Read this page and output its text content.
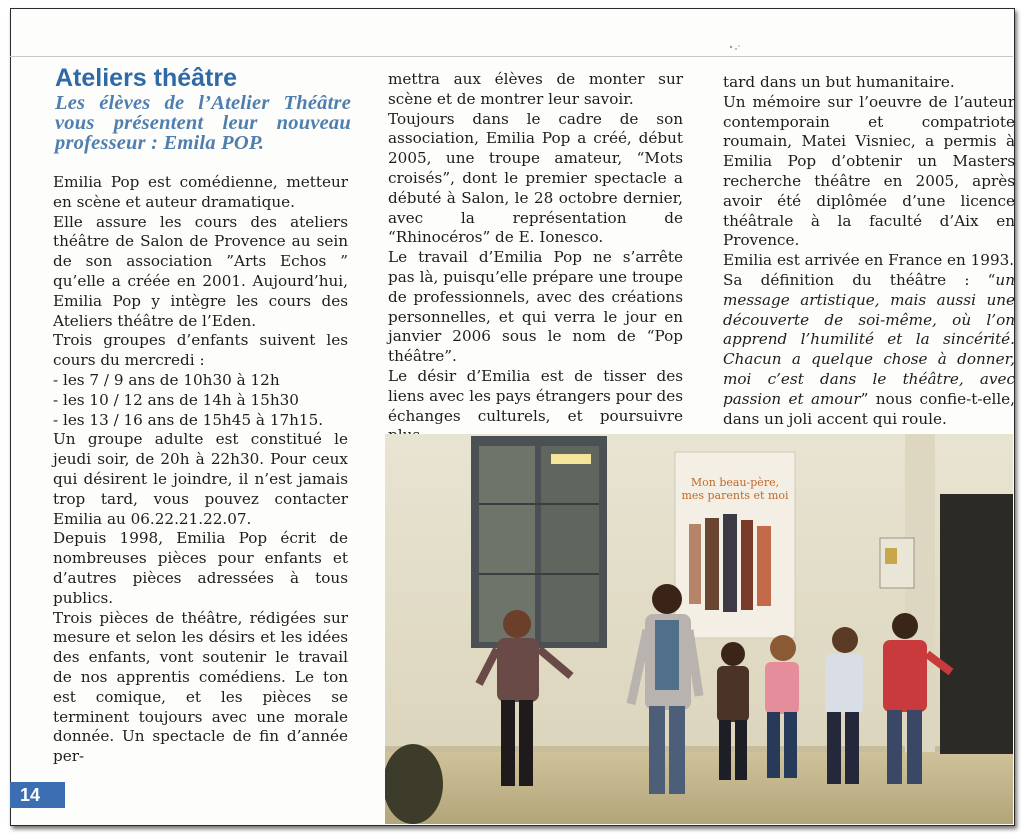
Ateliers théâtre
Les élèves de l’Atelier Théâtre vous présentent leur nouveau professeur : Emila POP.

Emilia Pop est comédienne, metteur en scène et auteur dramatique.

Elle assure les cours des ateliers théâtre de Salon de Provence au sein de son association ”Arts Echos ” qu’elle a créée en 2001. Aujourd’hui, Emilia Pop y intègre les cours des Ateliers théâtre de l’Eden.

Trois groupes d’enfants suivent les cours du mercredi :

- les 7 / 9 ans de 10h30 à 12h
- les 10 / 12 ans de 14h à 15h30
- les 13 / 16 ans de 15h45 à 17h15.

Un groupe adulte est constitué le jeudi soir, de 20h à 22h30. Pour ceux qui désirent le joindre, il n’est jamais trop tard, vous pouvez contacter Emilia au 06.22.21.22.07.

Depuis 1998, Emilia Pop écrit de nombreuses pièces pour enfants et d’autres pièces adressées à tous publics.

Trois pièces de théâtre, rédigées sur mesure et selon les désirs et les idées des enfants, vont soutenir le travail de nos apprentis comédiens. Le ton est comique, et les pièces se terminent toujours avec une morale donnée. Un spectacle de fin d’année per-

mettra aux élèves de monter sur scène et de montrer leur savoir.

Toujours dans le cadre de son association, Emilia Pop a créé, début 2005, une troupe amateur, “Mots croisés”, dont le premier spectacle a débuté à Salon, le 28 octobre dernier, avec la représentation de “Rhinocéros” de E. Ionesco.

Le travail d’Emilia Pop ne s’arrête pas là, puisqu’elle prépare une troupe de professionnels, avec des créations personnelles, et qui verra le jour en janvier 2006 sous le nom de “Pop théâtre”.

Le désir d’Emilia est de tisser des liens avec les pays étrangers pour des échanges culturels, et poursuivre

tard dans un but humanitaire.

Un mémoire sur l’oeuvre de l’auteur contemporain et compatriote roumain, Matei Visniec, a permis à Emilia Pop d’obtenir un Masters recherche théâtre en 2005, après avoir été diplômée d’une licence théâtrale à la faculté d’Aix en Provence.

Emilia est arrivée en France en 1993.

Sa définition du théâtre : “un message artistique, mais aussi une découverte de soi-même, où l’on apprend l’humilité et la sincérité. Chacun a quelque chose à donner, moi c’est dans le théâtre, avec passion et amour” nous confie-t-elle, dans un joli accent qui roule.

Mon beau-père, mes parents et moi
14
